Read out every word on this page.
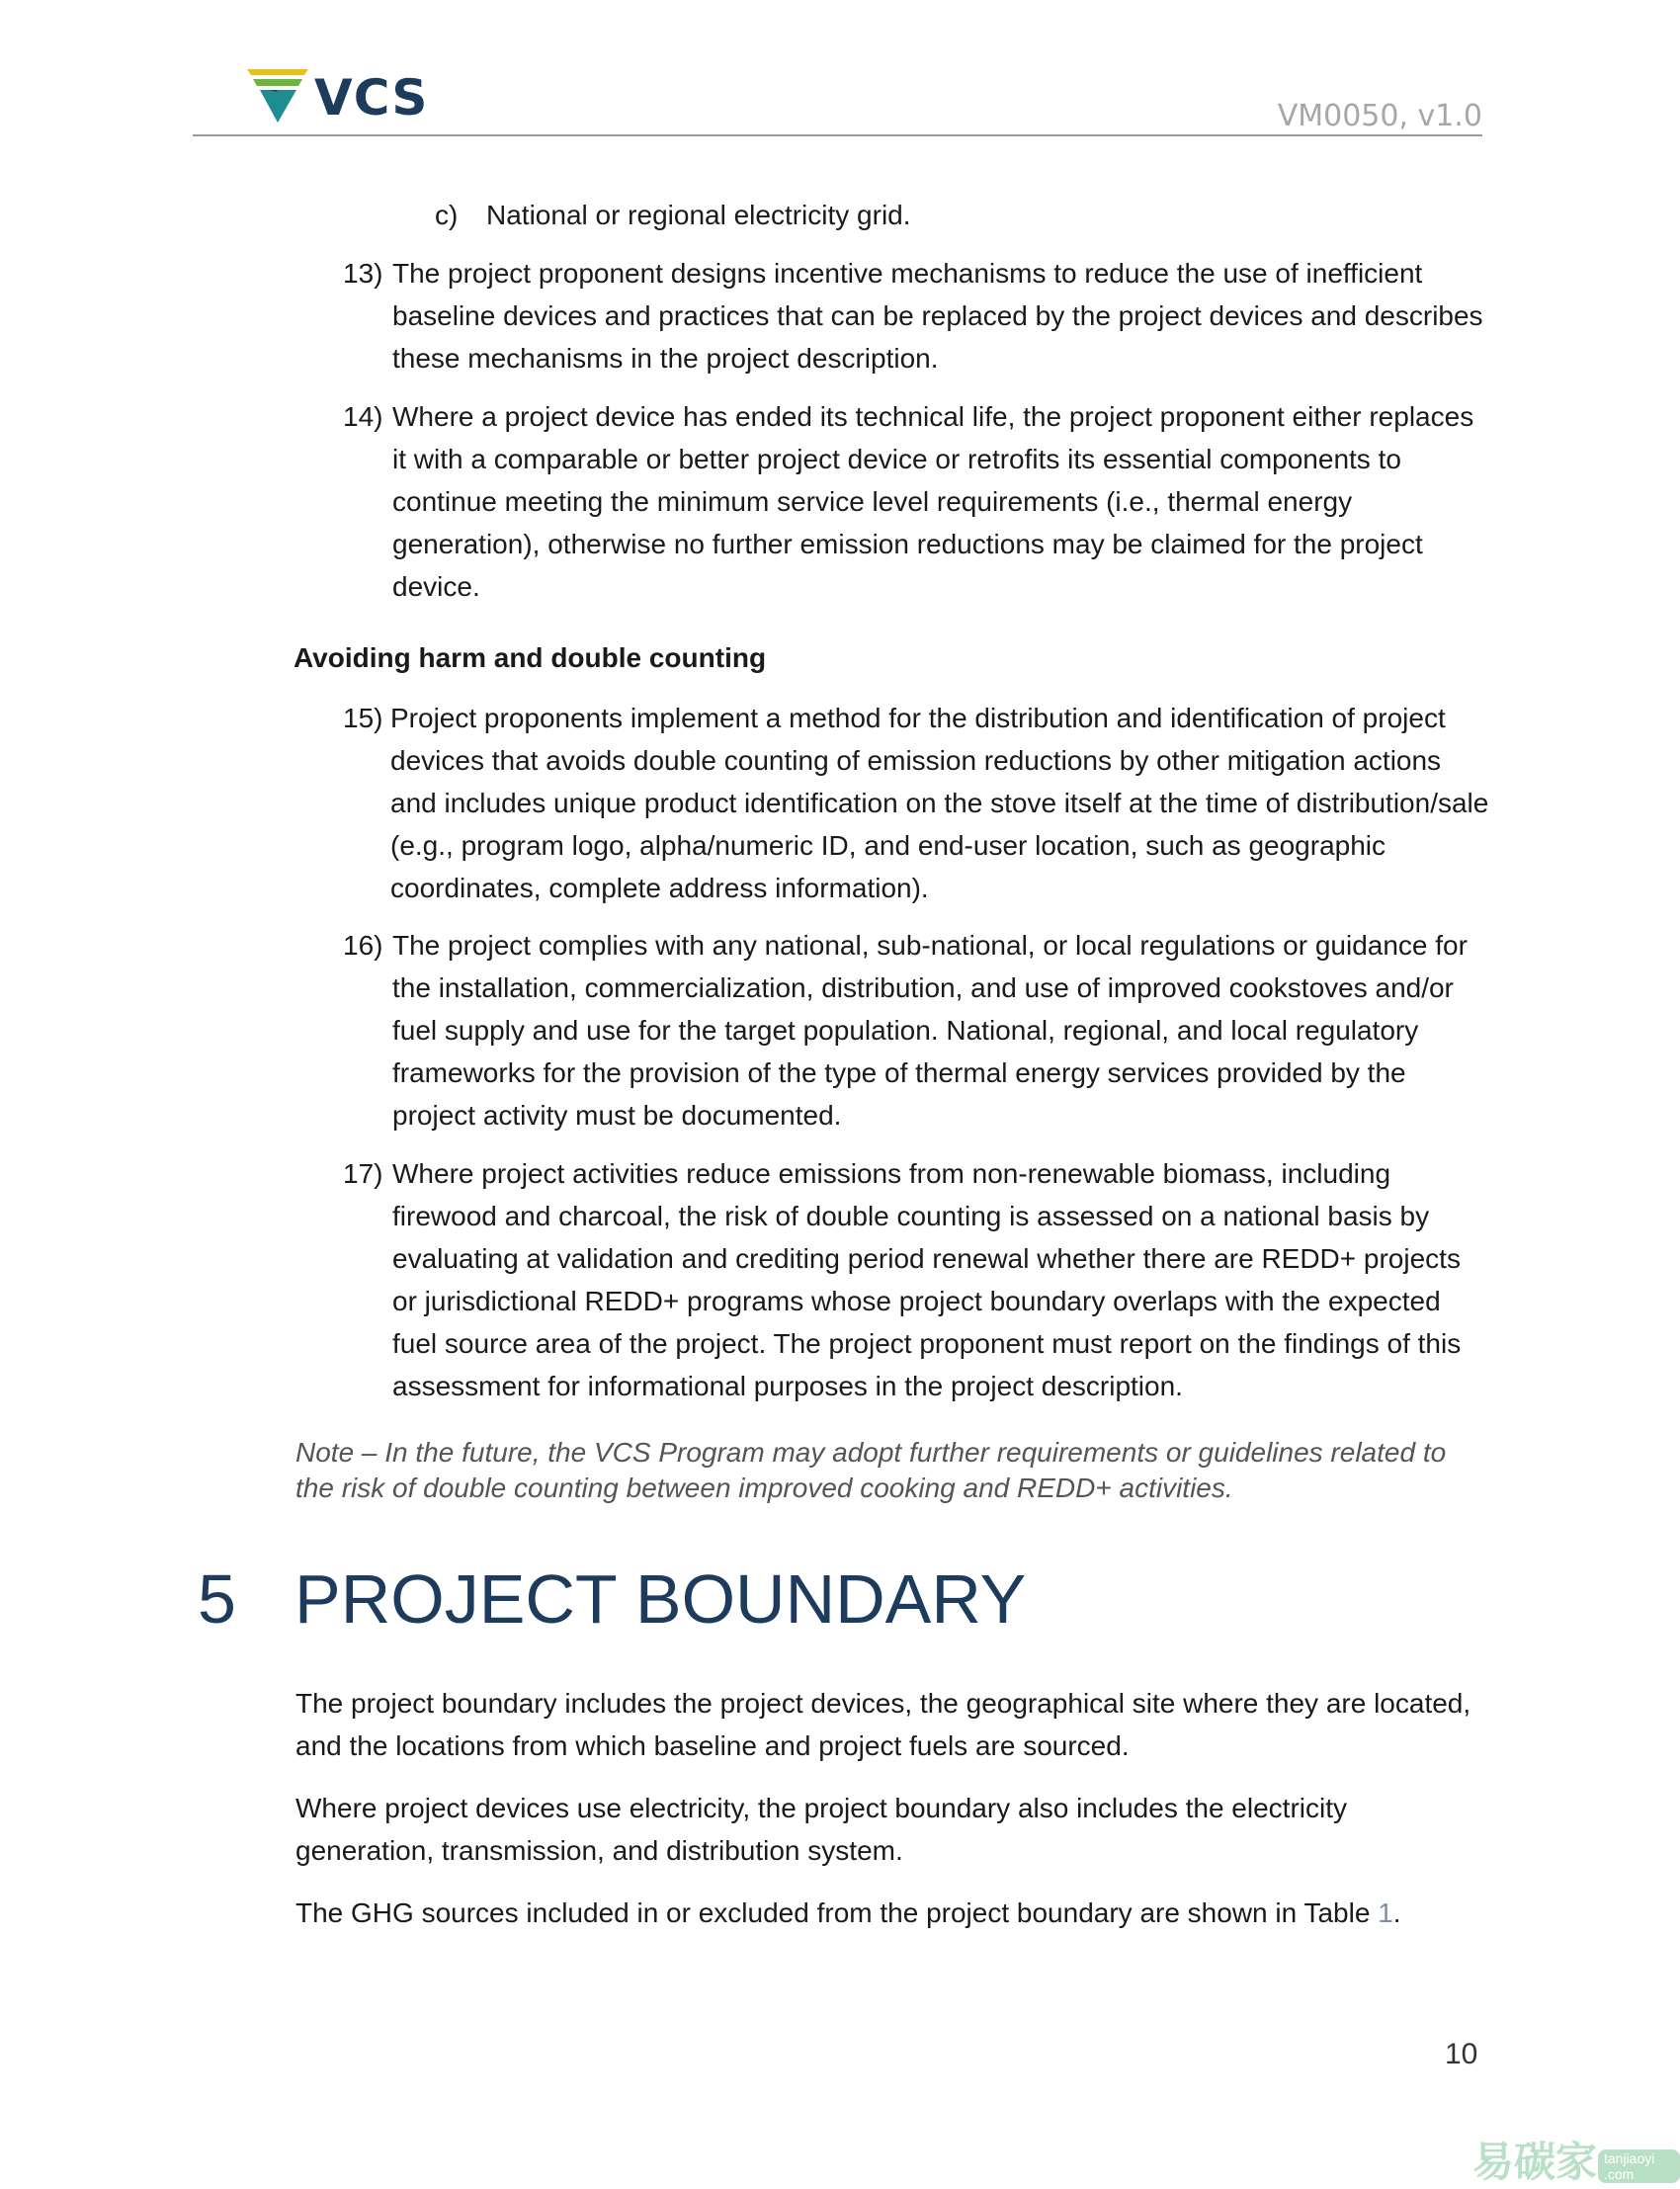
VCS	VM0050, v1.0
c) National or regional electricity grid.
13) The project proponent designs incentive mechanisms to reduce the use of inefficient baseline devices and practices that can be replaced by the project devices and describes these mechanisms in the project description.
14) Where a project device has ended its technical life, the project proponent either replaces it with a comparable or better project device or retrofits its essential components to continue meeting the minimum service level requirements (i.e., thermal energy generation), otherwise no further emission reductions may be claimed for the project device.
Avoiding harm and double counting
15) Project proponents implement a method for the distribution and identification of project devices that avoids double counting of emission reductions by other mitigation actions and includes unique product identification on the stove itself at the time of distribution/sale (e.g., program logo, alpha/numeric ID, and end-user location, such as geographic coordinates, complete address information).
16) The project complies with any national, sub-national, or local regulations or guidance for the installation, commercialization, distribution, and use of improved cookstoves and/or fuel supply and use for the target population. National, regional, and local regulatory frameworks for the provision of the type of thermal energy services provided by the project activity must be documented.
17) Where project activities reduce emissions from non-renewable biomass, including firewood and charcoal, the risk of double counting is assessed on a national basis by evaluating at validation and crediting period renewal whether there are REDD+ projects or jurisdictional REDD+ programs whose project boundary overlaps with the expected fuel source area of the project. The project proponent must report on the findings of this assessment for informational purposes in the project description.
Note – In the future, the VCS Program may adopt further requirements or guidelines related to the risk of double counting between improved cooking and REDD+ activities.
5 PROJECT BOUNDARY
The project boundary includes the project devices, the geographical site where they are located, and the locations from which baseline and project fuels are sourced.
Where project devices use electricity, the project boundary also includes the electricity generation, transmission, and distribution system.
The GHG sources included in or excluded from the project boundary are shown in Table 1.
10
易碳家 tanjiaoyi .com
